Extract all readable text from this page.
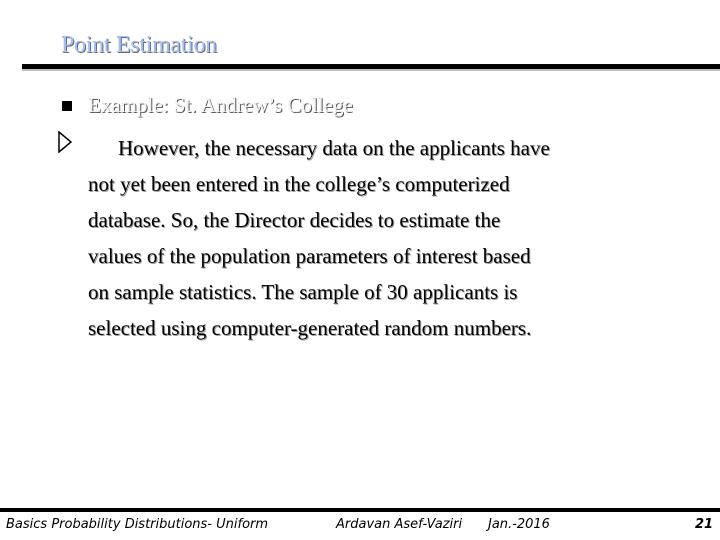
Point Estimation
Example: St. Andrew’s College
However, the necessary data on the applicants have
not yet been entered in the college’s computerized
database. So, the Director decides to estimate the
values of the population parameters of interest based
on sample statistics. The sample of 30 applicants is
selected using computer-generated random numbers.
Basics Probability Distributions- Uniform	Ardavan Asef-Vaziri Jan.-2016	21
